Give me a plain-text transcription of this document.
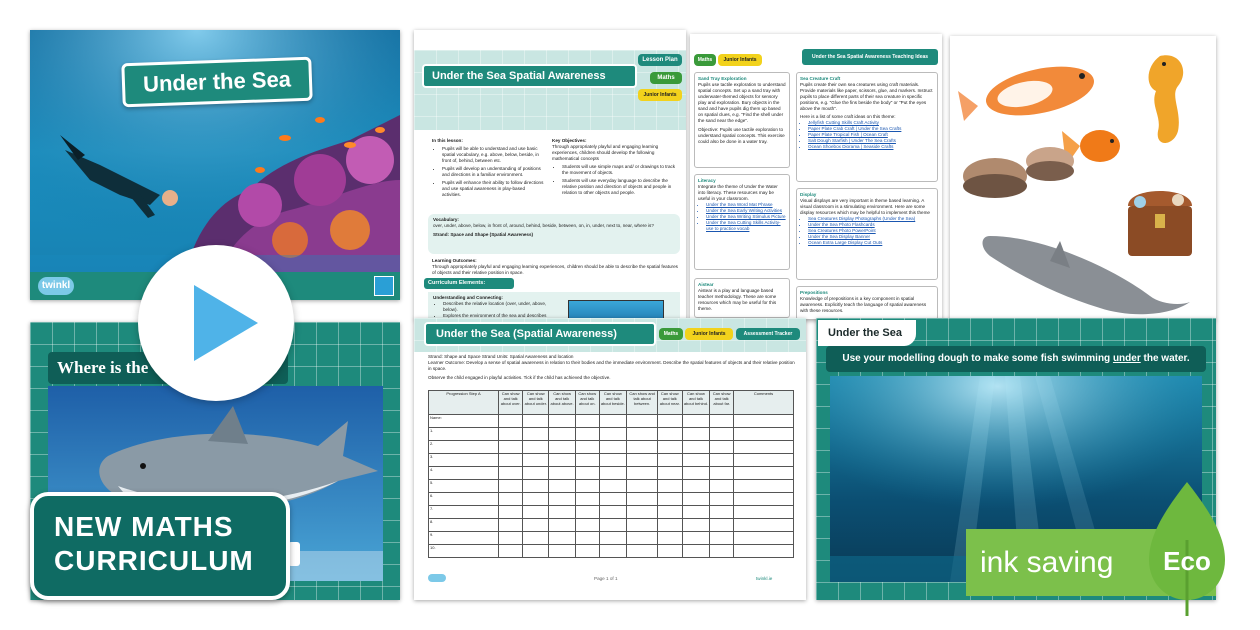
Under the Sea
twinkl
Where is the
NEW MATHS
CURRICULUM
Under the Sea Spatial Awareness
Lesson Plan
Maths
Junior Infants
In this lesson:
• Pupils will be able to understand and use basic spatial vocabulary, e.g. above, below, beside, in front of, behind, between etc.
• Pupils will develop an understanding of positions and directions in a familiar environment.
• Pupils will enhance their ability to follow directions and use spatial awareness in play-based activities.
Key Objectives:
Through appropriately playful and engaging learning experiences, children should develop the following mathematical concepts
• Students will use simple maps and/ or drawings to track the movement of objects.
• Students will use everyday language to describe the relative position and direction of objects and people in relation to other objects and people.
Vocabulary:
over, under, above, below, in front of, around, behind, beside, between, on, in, under, next to, near, where is?
Strand: Space and Shape (Spatial Awareness)
Learning Outcomes:
Through appropriately playful and engaging learning experiences, children should be able to describe the spatial features of objects and their relative position in space.
Curriculum Elements:
Understanding and Connecting:
• Describes the relative location (over, under, above, below).
• Explores the environment of the sea and describes
Maths	Junior Infants	Under the Sea Spatial Awareness Teaching Ideas
Sand Tray Exploration
Pupils use tactile exploration to understand spatial concepts. Set up a sand tray with underwater-themed objects for sensory play and exploration. Bury objects in the sand and have pupils dig them up based on spatial clues, e.g. "Find the shell under the sand near the edge".
Objective: Pupils use tactile exploration to understand spatial concepts. This exercise could also be done in a water tray.
Literacy
Integrate the theme of Under the Water into literacy. These resources may be useful in your classroom.
• Under the Sea Word Mat Phrase
• Under the Sea Early Writing Activities
• Under the Sea Writing Stimulus Picture
• Under the Sea Cutting Skills Activity-use to practice vocab
Aistear
Aistear is a play and language based teacher methodology. These are some resources which may be useful for this theme.
Sea Creature Craft
Pupils create their own sea creatures using craft materials. Provide materials like paper, scissors, glue, and markers. Instruct pupils to place different parts of their sea creature in specific positions, e.g. "Glue the fins beside the body" or "Put the eyes above the mouth".
Here is a list of some craft ideas on this theme:
• Jellyfish Cutting Skills Craft Activity
• Paper Plate Crab Craft | Under the Sea Crafts
• Paper Plate Tropical Fish | Ocean Craft
• Salt Dough Starfish | Under The Sea Crafts
• Ocean Shoebox Diorama | Seaside Crafts
Display
Visual displays are very important in theme based learning. A visual classroom is a stimulating environment. Here are some display resources which may be helpful to implement this theme
• Sea Creatures Display Photographs (Under the Sea)
• Under the Sea Photo Flashcards
• Sea Creatures Photo PowerPoint
• Under the Sea Display Banner
• Ocean Extra Large Display Cut Outs
Prepositions
Knowledge of prepositions is a key component in spatial awareness. Explicitly teach the language of spatial awareness with these resources.
Under the Sea (Spatial Awareness)	Maths	Junior Infants	Assessment Tracker
Strand: Shape and Space Strand Units: Spatial Awareness and location
Learner Outcome: Develop a sense of spatial awareness in relation to their bodies and the immediate environment. Describe the spatial features of objects and their relative position in space.
Observe the child engaged in playful activities. Tick if the child has achieved the objective.
Progression Step A	Can show and talk about over.	Can show and talk about under.	Can show and talk about above.	Can show and talk about on.	Can show and talk about beside.	Can show and talk about between.	Can show and talk about near.	Can show and talk about behind.	Can show and talk about far.	Comments
Name:										
1.										
2.										
3.										
4.										
5.										
6.										
7.										
8.										
9.										
10.										
Page 1 of 1	twinkl.ie
Under the Sea
Use your modelling dough to make some fish swimming under the water.
ink saving	Eco
